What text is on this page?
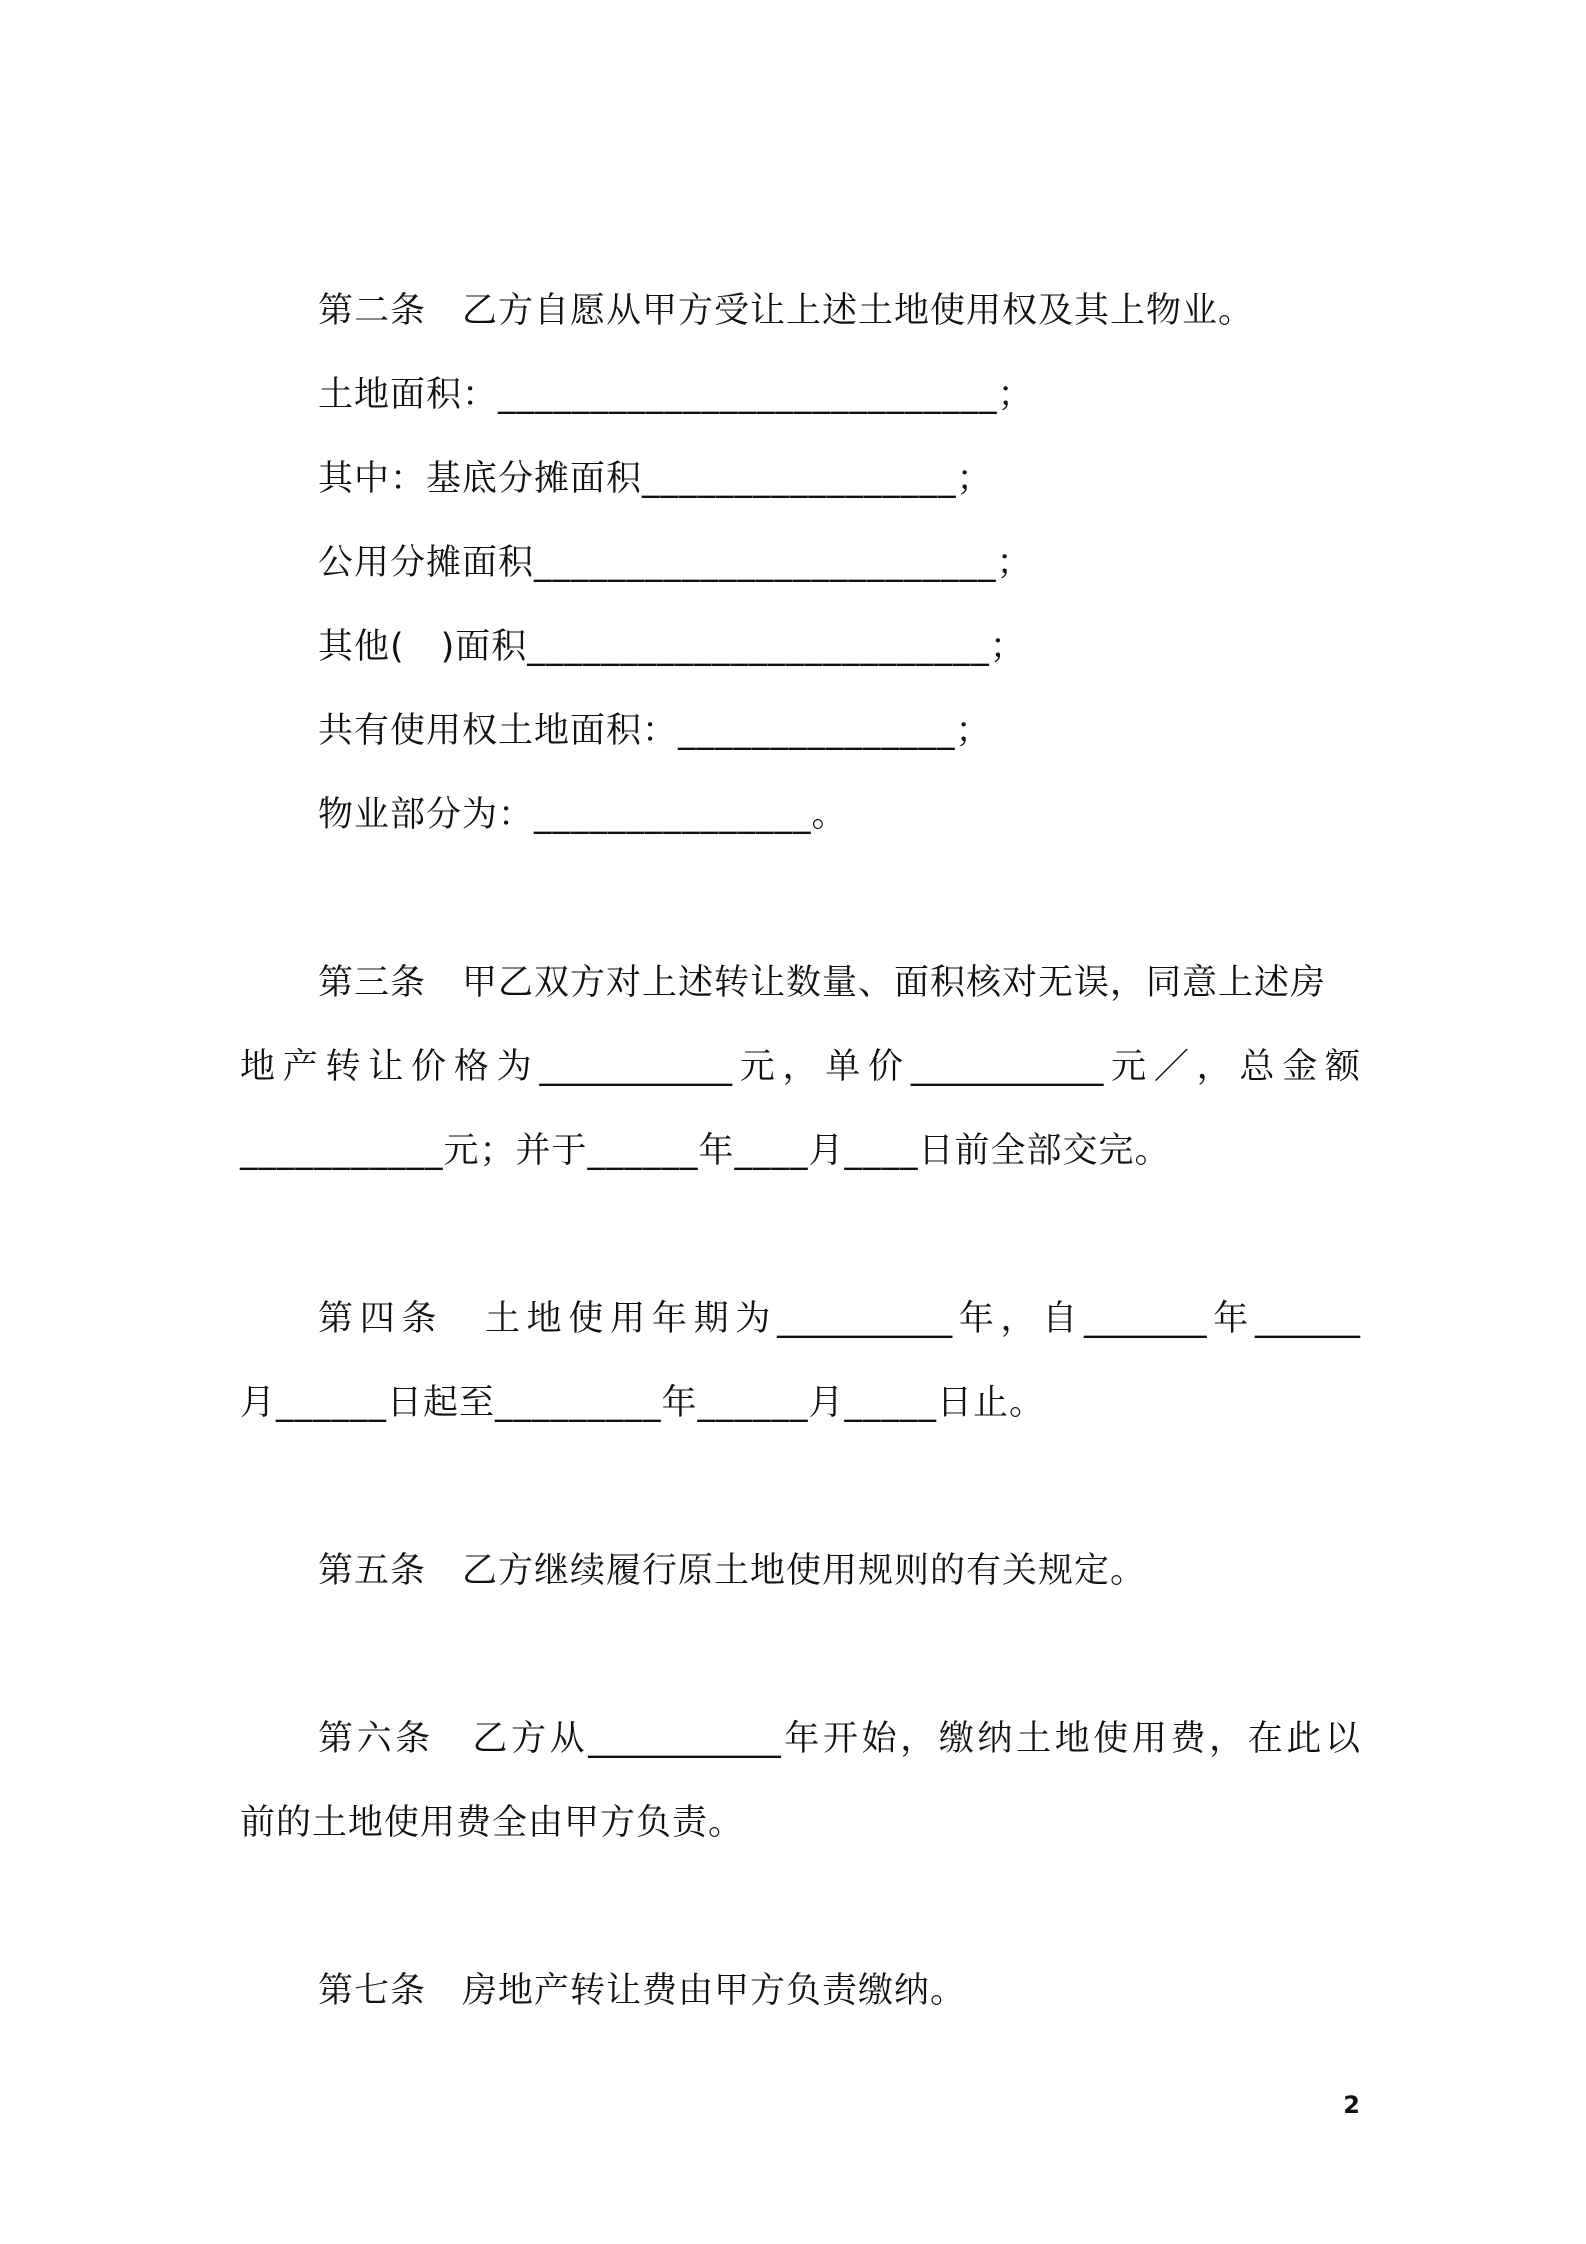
第二条　乙方自愿从甲方受让上述土地使用权及其上物业。
土地面积：___________________________；
其中：基底分摊面积_________________；
公用分摊面积_________________________；
其他(　)面积_________________________；
共有使用权土地面积：_______________；
物业部分为：_______________。
第三条　甲乙双方对上述转让数量、面积核对无误，同意上述房
地产转让价格为___________元，单价___________元／，总金额
___________元；并于______年____月____日前全部交完。
第四条　土地使用年期为__________年，自_______年______
月______日起至_________年______月_____日止。
第五条　乙方继续履行原土地使用规则的有关规定。
第六条　乙方从___________年开始，缴纳土地使用费，在此以
前的土地使用费全由甲方负责。
第七条　房地产转让费由甲方负责缴纳。
2
